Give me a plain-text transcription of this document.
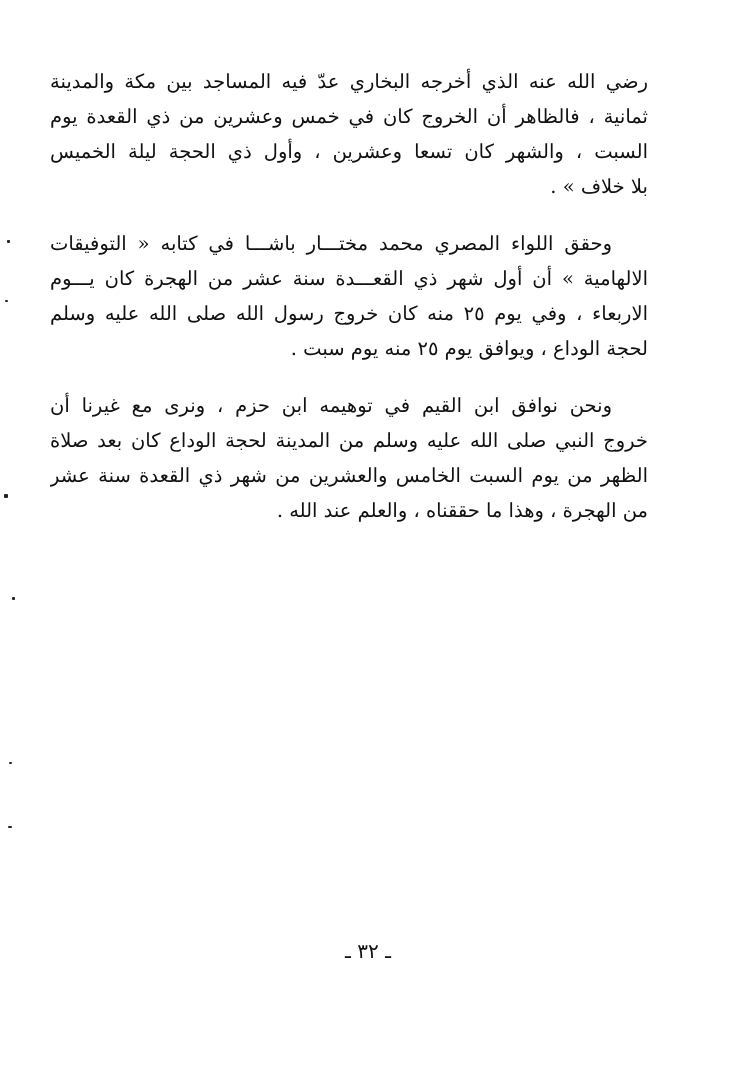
رضي الله عنه الذي أخرجه البخاري عدّ فيه المساجد بين مكة والمدينة
ثمانية ، فالظاهر أن الخروج كان في خمس وعشرين من ذي القعدة يوم
السبت ، والشهر كان تسعا وعشرين ، وأول ذي الحجة ليلة الخميس
بلا خلاف » .
وحقق اللواء المصري محمد مختـــار باشـــا في كتابه « التوفيقات
الالهامية » أن أول شهر ذي القعـــدة سنة عشر من الهجرة كان يـــوم
الاربعاء ، وفي يوم ٢٥ منه كان خروج رسول الله صلى الله عليه وسلم
لحجة الوداع ، ويوافق يوم ٢٥ منه يوم سبت .
ونحن نوافق ابن القيم في توهيمه ابن حزم ، ونرى مع غيرنا أن
خروج النبي صلى الله عليه وسلم من المدينة لحجة الوداع كان بعد صلاة
الظهر من يوم السبت الخامس والعشرين من شهر ذي القعدة سنة عشر
من الهجرة ، وهذا ما حققناه ، والعلم عند الله .
ـ ٣٢ ـ
